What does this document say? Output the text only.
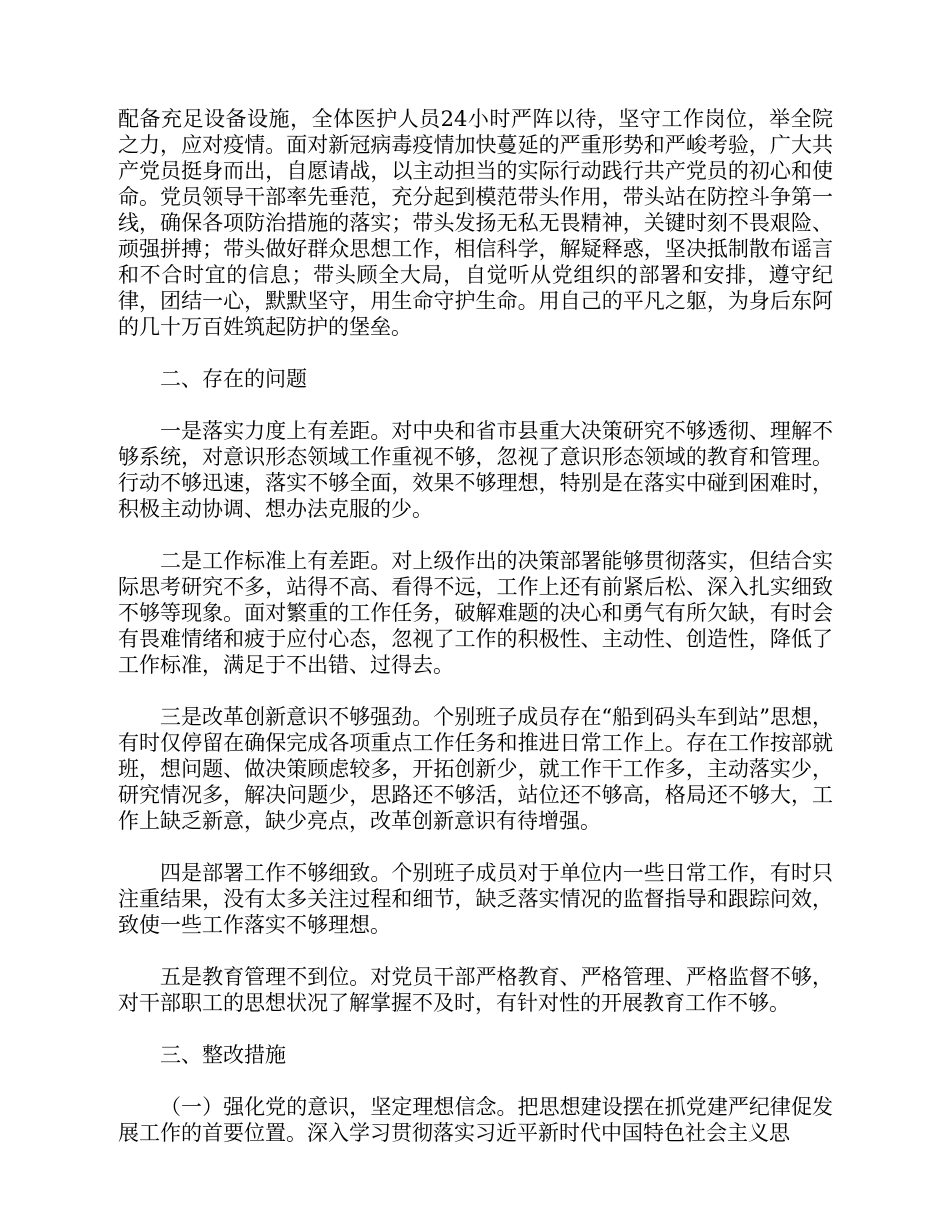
配备充足设备设施，全体医护人员24小时严阵以待，坚守工作岗位，举全院之力，应对疫情。面对新冠病毒疫情加快蔓延的严重形势和严峻考验，广大共产党员挺身而出，自愿请战，以主动担当的实际行动践行共产党员的初心和使命。党员领导干部率先垂范，充分起到模范带头作用，带头站在防控斗争第一线，确保各项防治措施的落实；带头发扬无私无畏精神，关键时刻不畏艰险、顽强拼搏；带头做好群众思想工作，相信科学，解疑释惑，坚决抵制散布谣言和不合时宜的信息；带头顾全大局，自觉听从党组织的部署和安排，遵守纪律，团结一心，默默坚守，用生命守护生命。用自己的平凡之躯，为身后东阿的几十万百姓筑起防护的堡垒。

二、存在的问题

一是落实力度上有差距。对中央和省市县重大决策研究不够透彻、理解不够系统，对意识形态领域工作重视不够，忽视了意识形态领域的教育和管理。行动不够迅速，落实不够全面，效果不够理想，特别是在落实中碰到困难时，积极主动协调、想办法克服的少。

二是工作标准上有差距。对上级作出的决策部署能够贯彻落实，但结合实际思考研究不多，站得不高、看得不远，工作上还有前紧后松、深入扎实细致不够等现象。面对繁重的工作任务，破解难题的决心和勇气有所欠缺，有时会有畏难情绪和疲于应付心态，忽视了工作的积极性、主动性、创造性，降低了工作标准，满足于不出错、过得去。

三是改革创新意识不够强劲。个别班子成员存在“船到码头车到站”思想，有时仅停留在确保完成各项重点工作任务和推进日常工作上。存在工作按部就班，想问题、做决策顾虑较多，开拓创新少，就工作干工作多，主动落实少，研究情况多，解决问题少，思路还不够活，站位还不够高，格局还不够大，工作上缺乏新意，缺少亮点，改革创新意识有待增强。

四是部署工作不够细致。个别班子成员对于单位内一些日常工作，有时只注重结果，没有太多关注过程和细节，缺乏落实情况的监督指导和跟踪问效，致使一些工作落实不够理想。

五是教育管理不到位。对党员干部严格教育、严格管理、严格监督不够，对干部职工的思想状况了解掌握不及时，有针对性的开展教育工作不够。

三、整改措施

（一）强化党的意识，坚定理想信念。把思想建设摆在抓党建严纪律促发展工作的首要位置。深入学习贯彻落实习近平新时代中国特色社会主义思
